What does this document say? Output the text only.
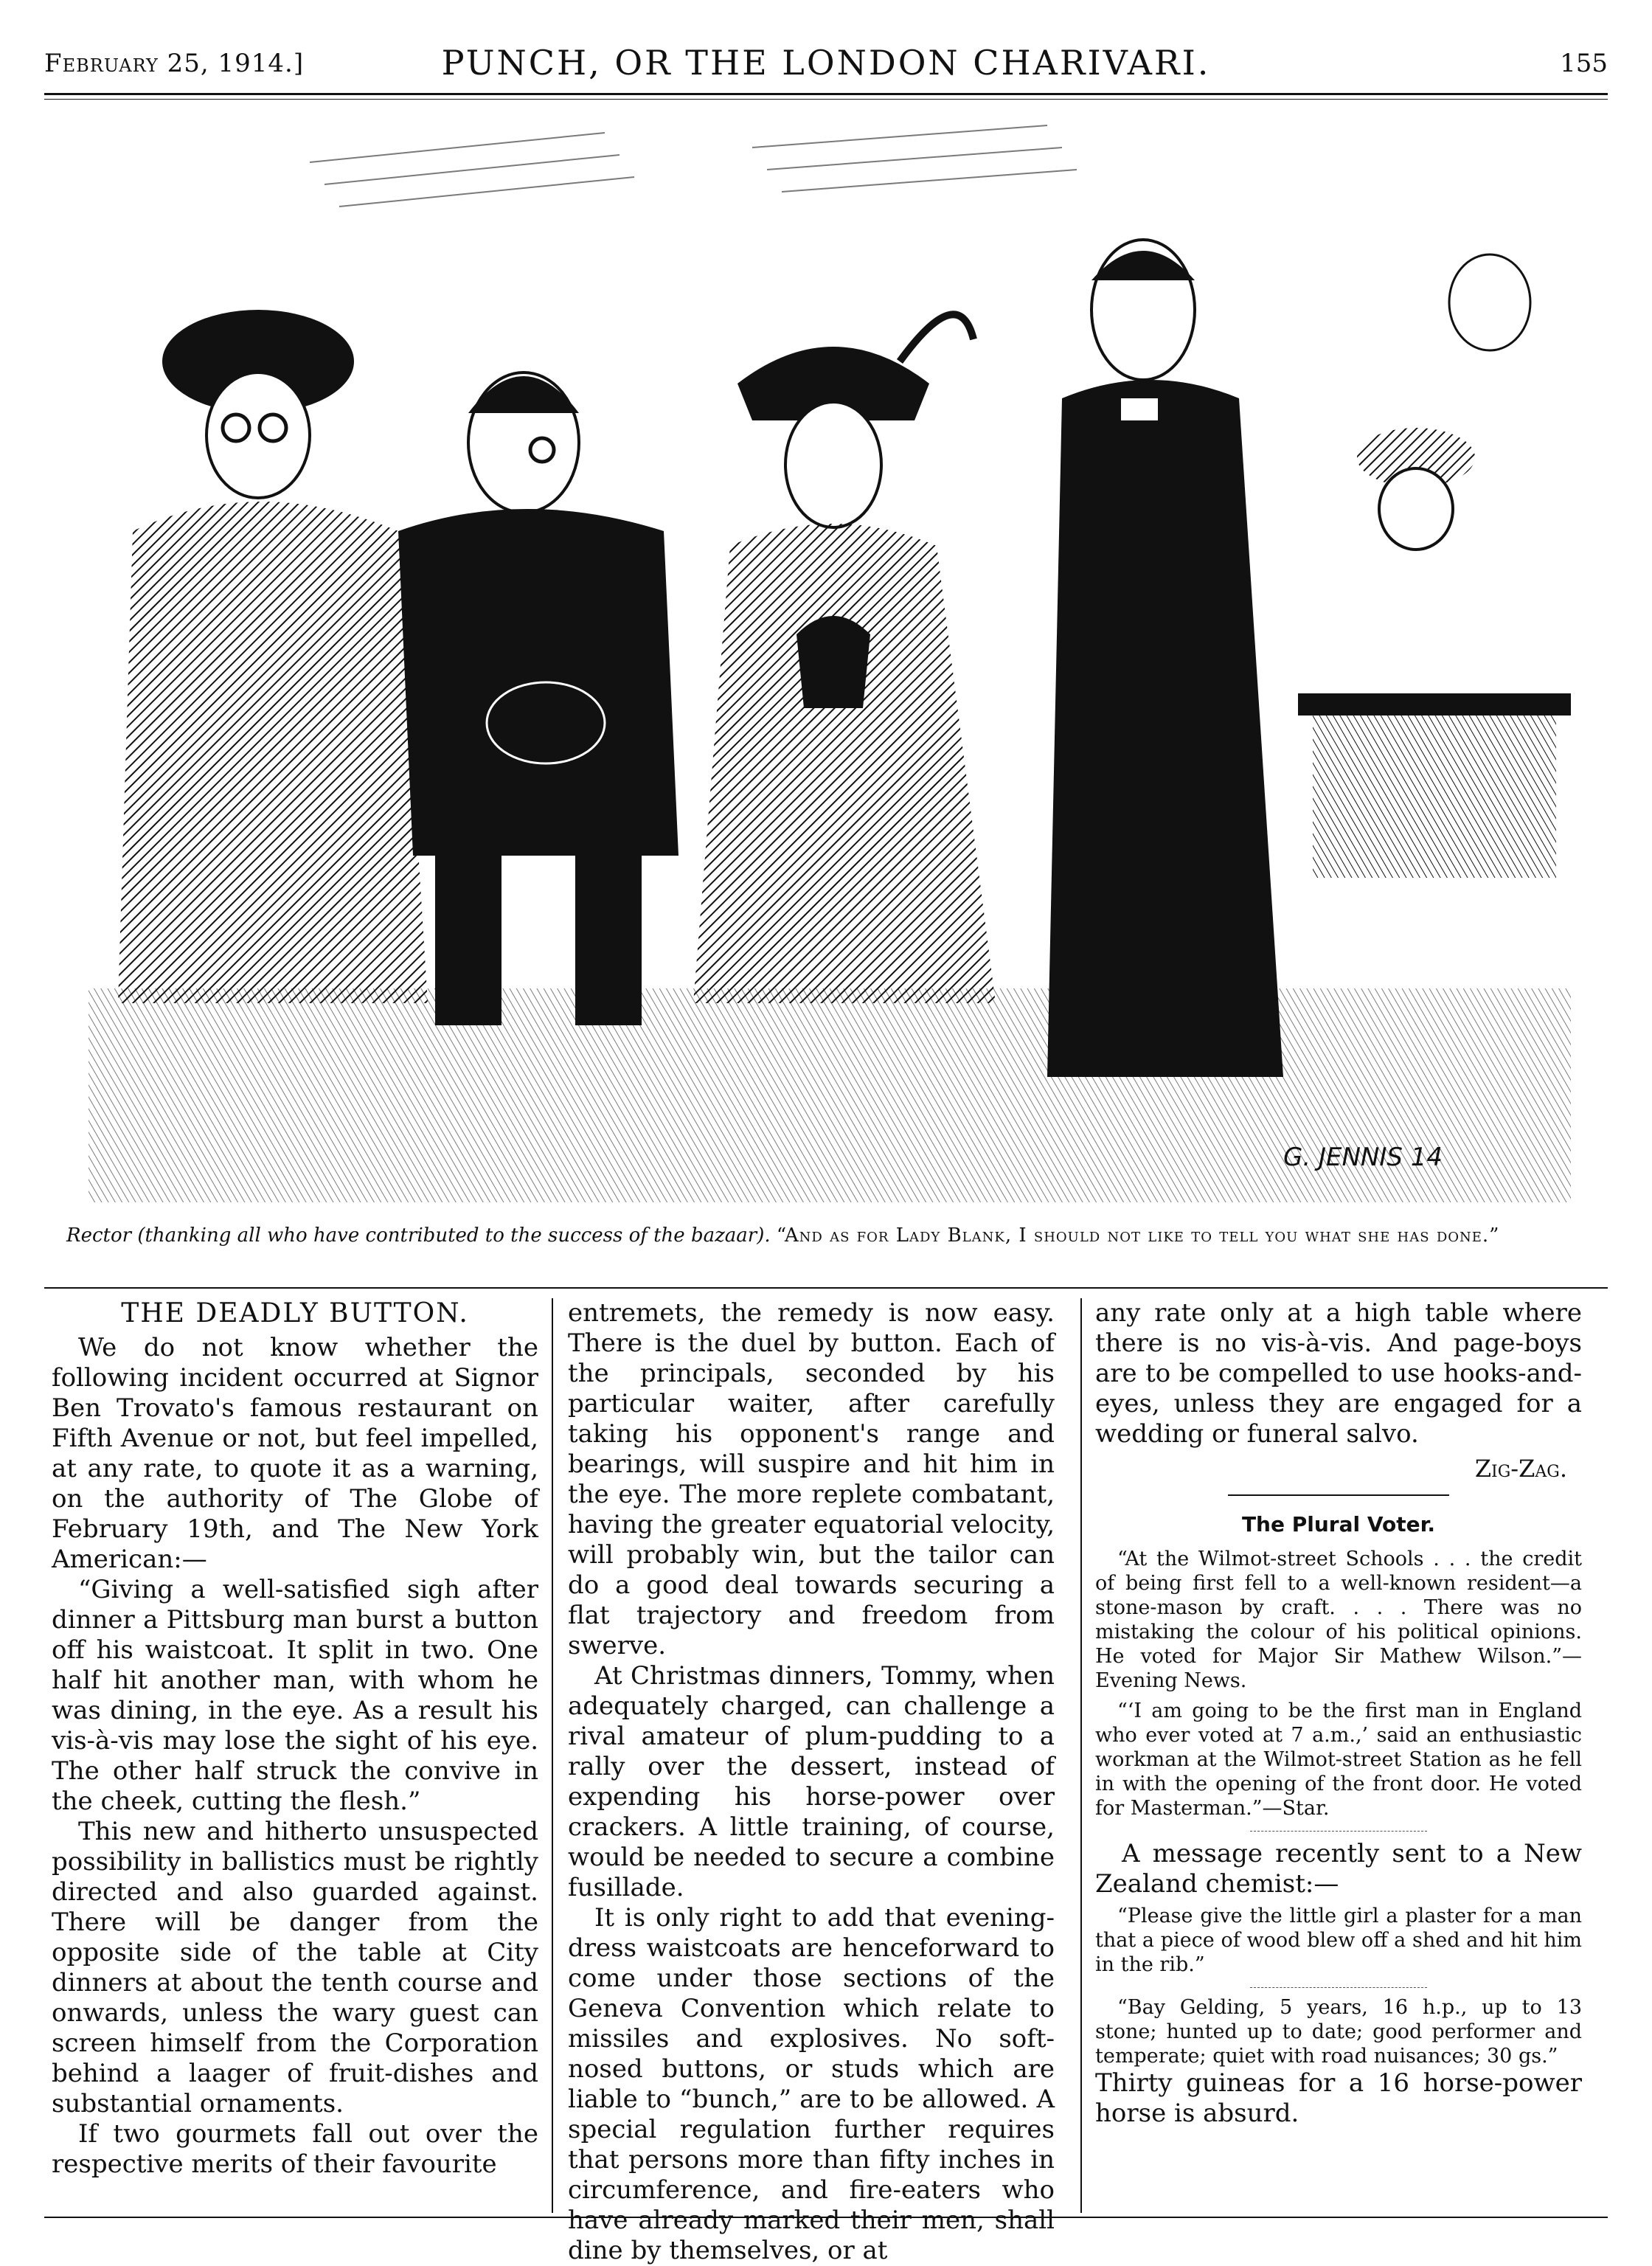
February 25, 1914.]	PUNCH, OR THE LONDON CHARIVARI.	155
G. JENNIS 14
Rector (thanking all who have contributed to the success of the bazaar). “And as for Lady Blank, I should not like to tell you what she has done.”

THE DEADLY BUTTON.

We do not know whether the following incident occurred at Signor Ben Trovato's famous restaurant on Fifth Avenue or not, but feel impelled, at any rate, to quote it as a warning, on the authority of The Globe of February 19th, and The New York American:—

“Giving a well-satisfied sigh after dinner a Pittsburg man burst a button off his waistcoat. It split in two. One half hit another man, with whom he was dining, in the eye. As a result his vis-à-vis may lose the sight of his eye. The other half struck the convive in the cheek, cutting the flesh.”

This new and hitherto unsuspected possibility in ballistics must be rightly directed and also guarded against. There will be danger from the opposite side of the table at City dinners at about the tenth course and onwards, unless the wary guest can screen himself from the Corporation behind a laager of fruit-dishes and substantial ornaments.

If two gourmets fall out over the respective merits of their favourite

entremets, the remedy is now easy. There is the duel by button. Each of the principals, seconded by his particular waiter, after carefully taking his opponent's range and bearings, will suspire and hit him in the eye. The more replete combatant, having the greater equatorial velocity, will probably win, but the tailor can do a good deal towards securing a flat trajectory and freedom from swerve.

At Christmas dinners, Tommy, when adequately charged, can challenge a rival amateur of plum-pudding to a rally over the dessert, instead of expending his horse-power over crackers. A little training, of course, would be needed to secure a combine fusillade.

It is only right to add that evening-dress waistcoats are henceforward to come under those sections of the Geneva Convention which relate to missiles and explosives. No soft-nosed buttons, or studs which are liable to “bunch,” are to be allowed. A special regulation further requires that persons more than fifty inches in circumference, and fire-eaters who have already marked their men, shall dine by themselves, or at

any rate only at a high table where there is no vis-à-vis. And page-boys are to be compelled to use hooks-and-eyes, unless they are engaged for a wedding or funeral salvo.

Zig-Zag.

The Plural Voter.

“At the Wilmot-street Schools . . . the credit of being first fell to a well-known resident—a stone-mason by craft. . . . There was no mistaking the colour of his political opinions. He voted for Major Sir Mathew Wilson.”—Evening News.

“‘I am going to be the first man in England who ever voted at 7 a.m.,’ said an enthusiastic workman at the Wilmot-street Station as he fell in with the opening of the front door. He voted for Masterman.”—Star.

A message recently sent to a New Zealand chemist:—

“Please give the little girl a plaster for a man that a piece of wood blew off a shed and hit him in the rib.”

“Bay Gelding, 5 years, 16 h.p., up to 13 stone; hunted up to date; good performer and temperate; quiet with road nuisances; 30 gs.”

Thirty guineas for a 16 horse-power horse is absurd.
